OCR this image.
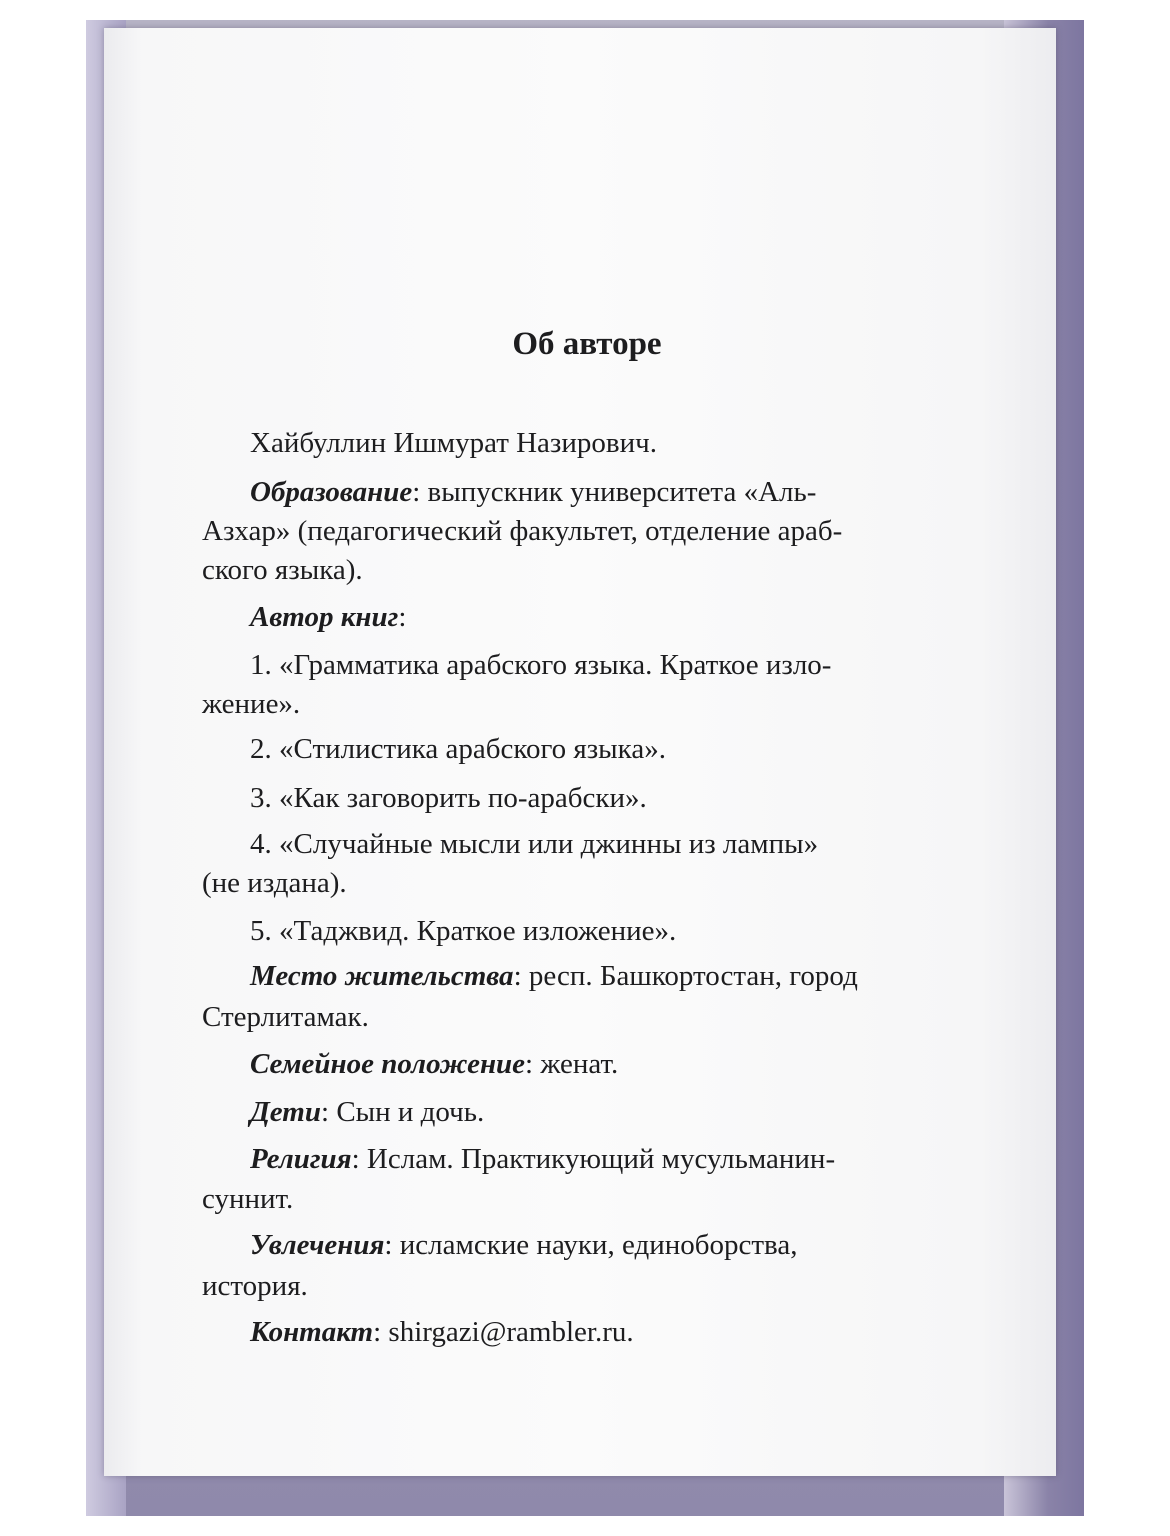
Об авторе
Хайбуллин Ишмурат Назирович.
Образование: выпускник университета «Аль-
Азхар» (педагогический факультет, отделение араб-
ского языка).
Автор книг:
1. «Грамматика арабского языка. Краткое изло-
жение».
2. «Стилистика арабского языка».
3. «Как заговорить по-арабски».
4. «Случайные мысли или джинны из лампы»
(не издана).
5. «Таджвид. Краткое изложение».
Место жительства: респ. Башкортостан, город
Стерлитамак.
Семейное положение: женат.
Дети: Сын и дочь.
Религия: Ислам. Практикующий мусульманин-
суннит.
Увлечения: исламские науки, единоборства,
история.
Контакт: shirgazi@rambler.ru.
